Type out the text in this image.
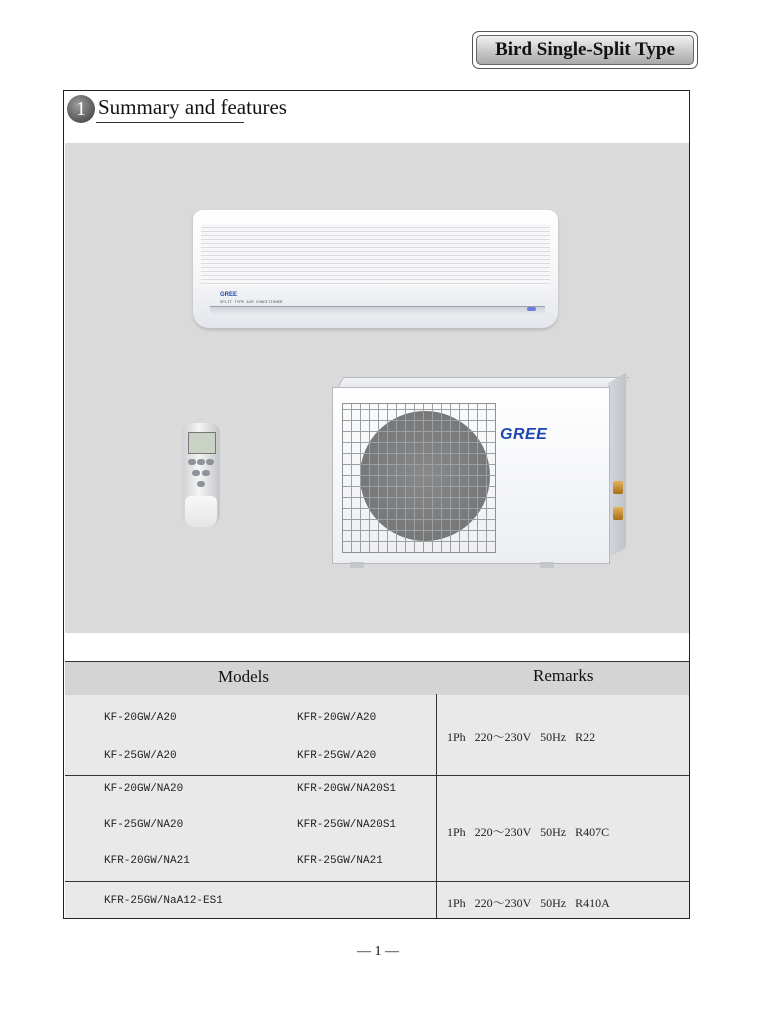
Bird Single-Split Type
1 Summary and features
GREE
SPLIT TYPE AIR CONDITIONER
GREE
Models	Remarks
KF-20GW/A20	KFR-20GW/A20
KF-25GW/A20	KFR-25GW/A20
1Ph   220～230V   50Hz   R22
KF-20GW/NA20	KFR-20GW/NA20S1
KF-25GW/NA20	KFR-25GW/NA20S1
KFR-20GW/NA21	KFR-25GW/NA21
1Ph   220～230V   50Hz   R407C
KFR-25GW/NaA12-ES1	1Ph   220～230V   50Hz   R410A
— 1 —
